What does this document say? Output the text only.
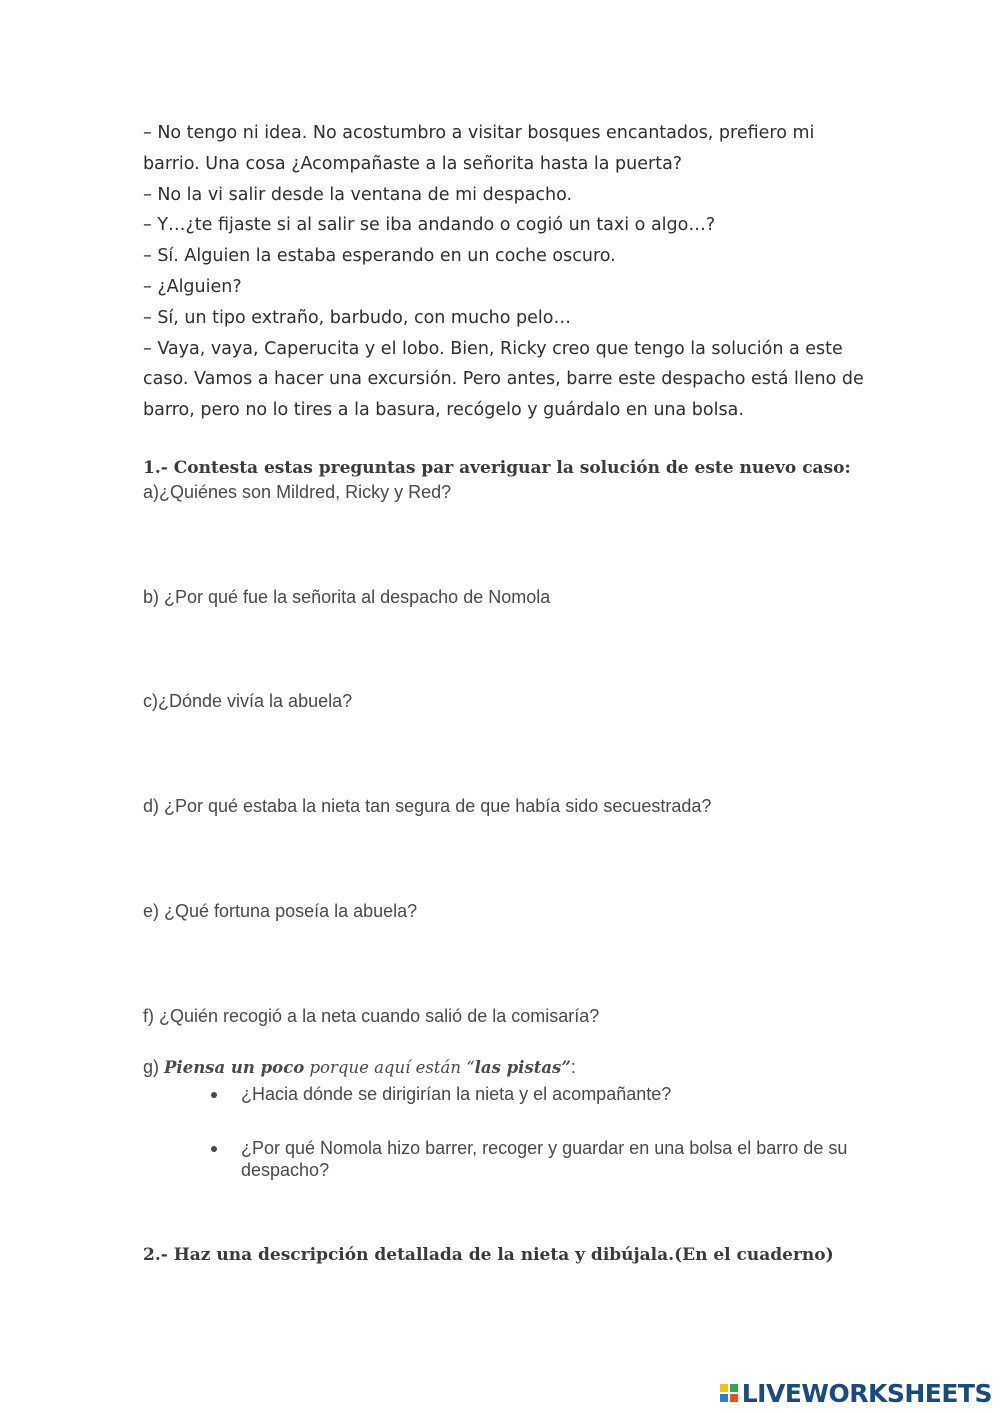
– No tengo ni idea. No acostumbro a visitar bosques encantados, prefiero mi barrio. Una cosa ¿Acompañaste a la señorita hasta la puerta?

– No la vi salir desde la ventana de mi despacho.

– Y…¿te fijaste si al salir se iba andando o cogió un taxi o algo…?

– Sí. Alguien la estaba esperando en un coche oscuro.

– ¿Alguien?

– Sí, un tipo extraño, barbudo, con mucho pelo…

– Vaya, vaya, Caperucita y el lobo. Bien, Ricky creo que tengo la solución a este caso. Vamos a hacer una excursión. Pero antes, barre este despacho está lleno de barro, pero no lo tires a la basura, recógelo y guárdalo en una bolsa.

1.- Contesta estas preguntas par averiguar la solución de este nuevo caso:

a)¿Quiénes son Mildred, Ricky y Red?

b) ¿Por qué fue la señorita al despacho de Nomola

c)¿Dónde vivía la abuela?

d) ¿Por qué estaba la nieta tan segura de que había sido secuestrada?

e) ¿Qué fortuna poseía la abuela?

f) ¿Quién recogió a la neta cuando salió de la comisaría?

g) Piensa un poco porque aquí están “las pistas”:

¿Hacia dónde se dirigirían la nieta y el acompañante?
¿Por qué Nomola hizo barrer, recoger y guardar en una bolsa el barro de su despacho?
2.- Haz una descripción detallada de la nieta y dibújala.(En el cuaderno)
LIVEWORKSHEETS
